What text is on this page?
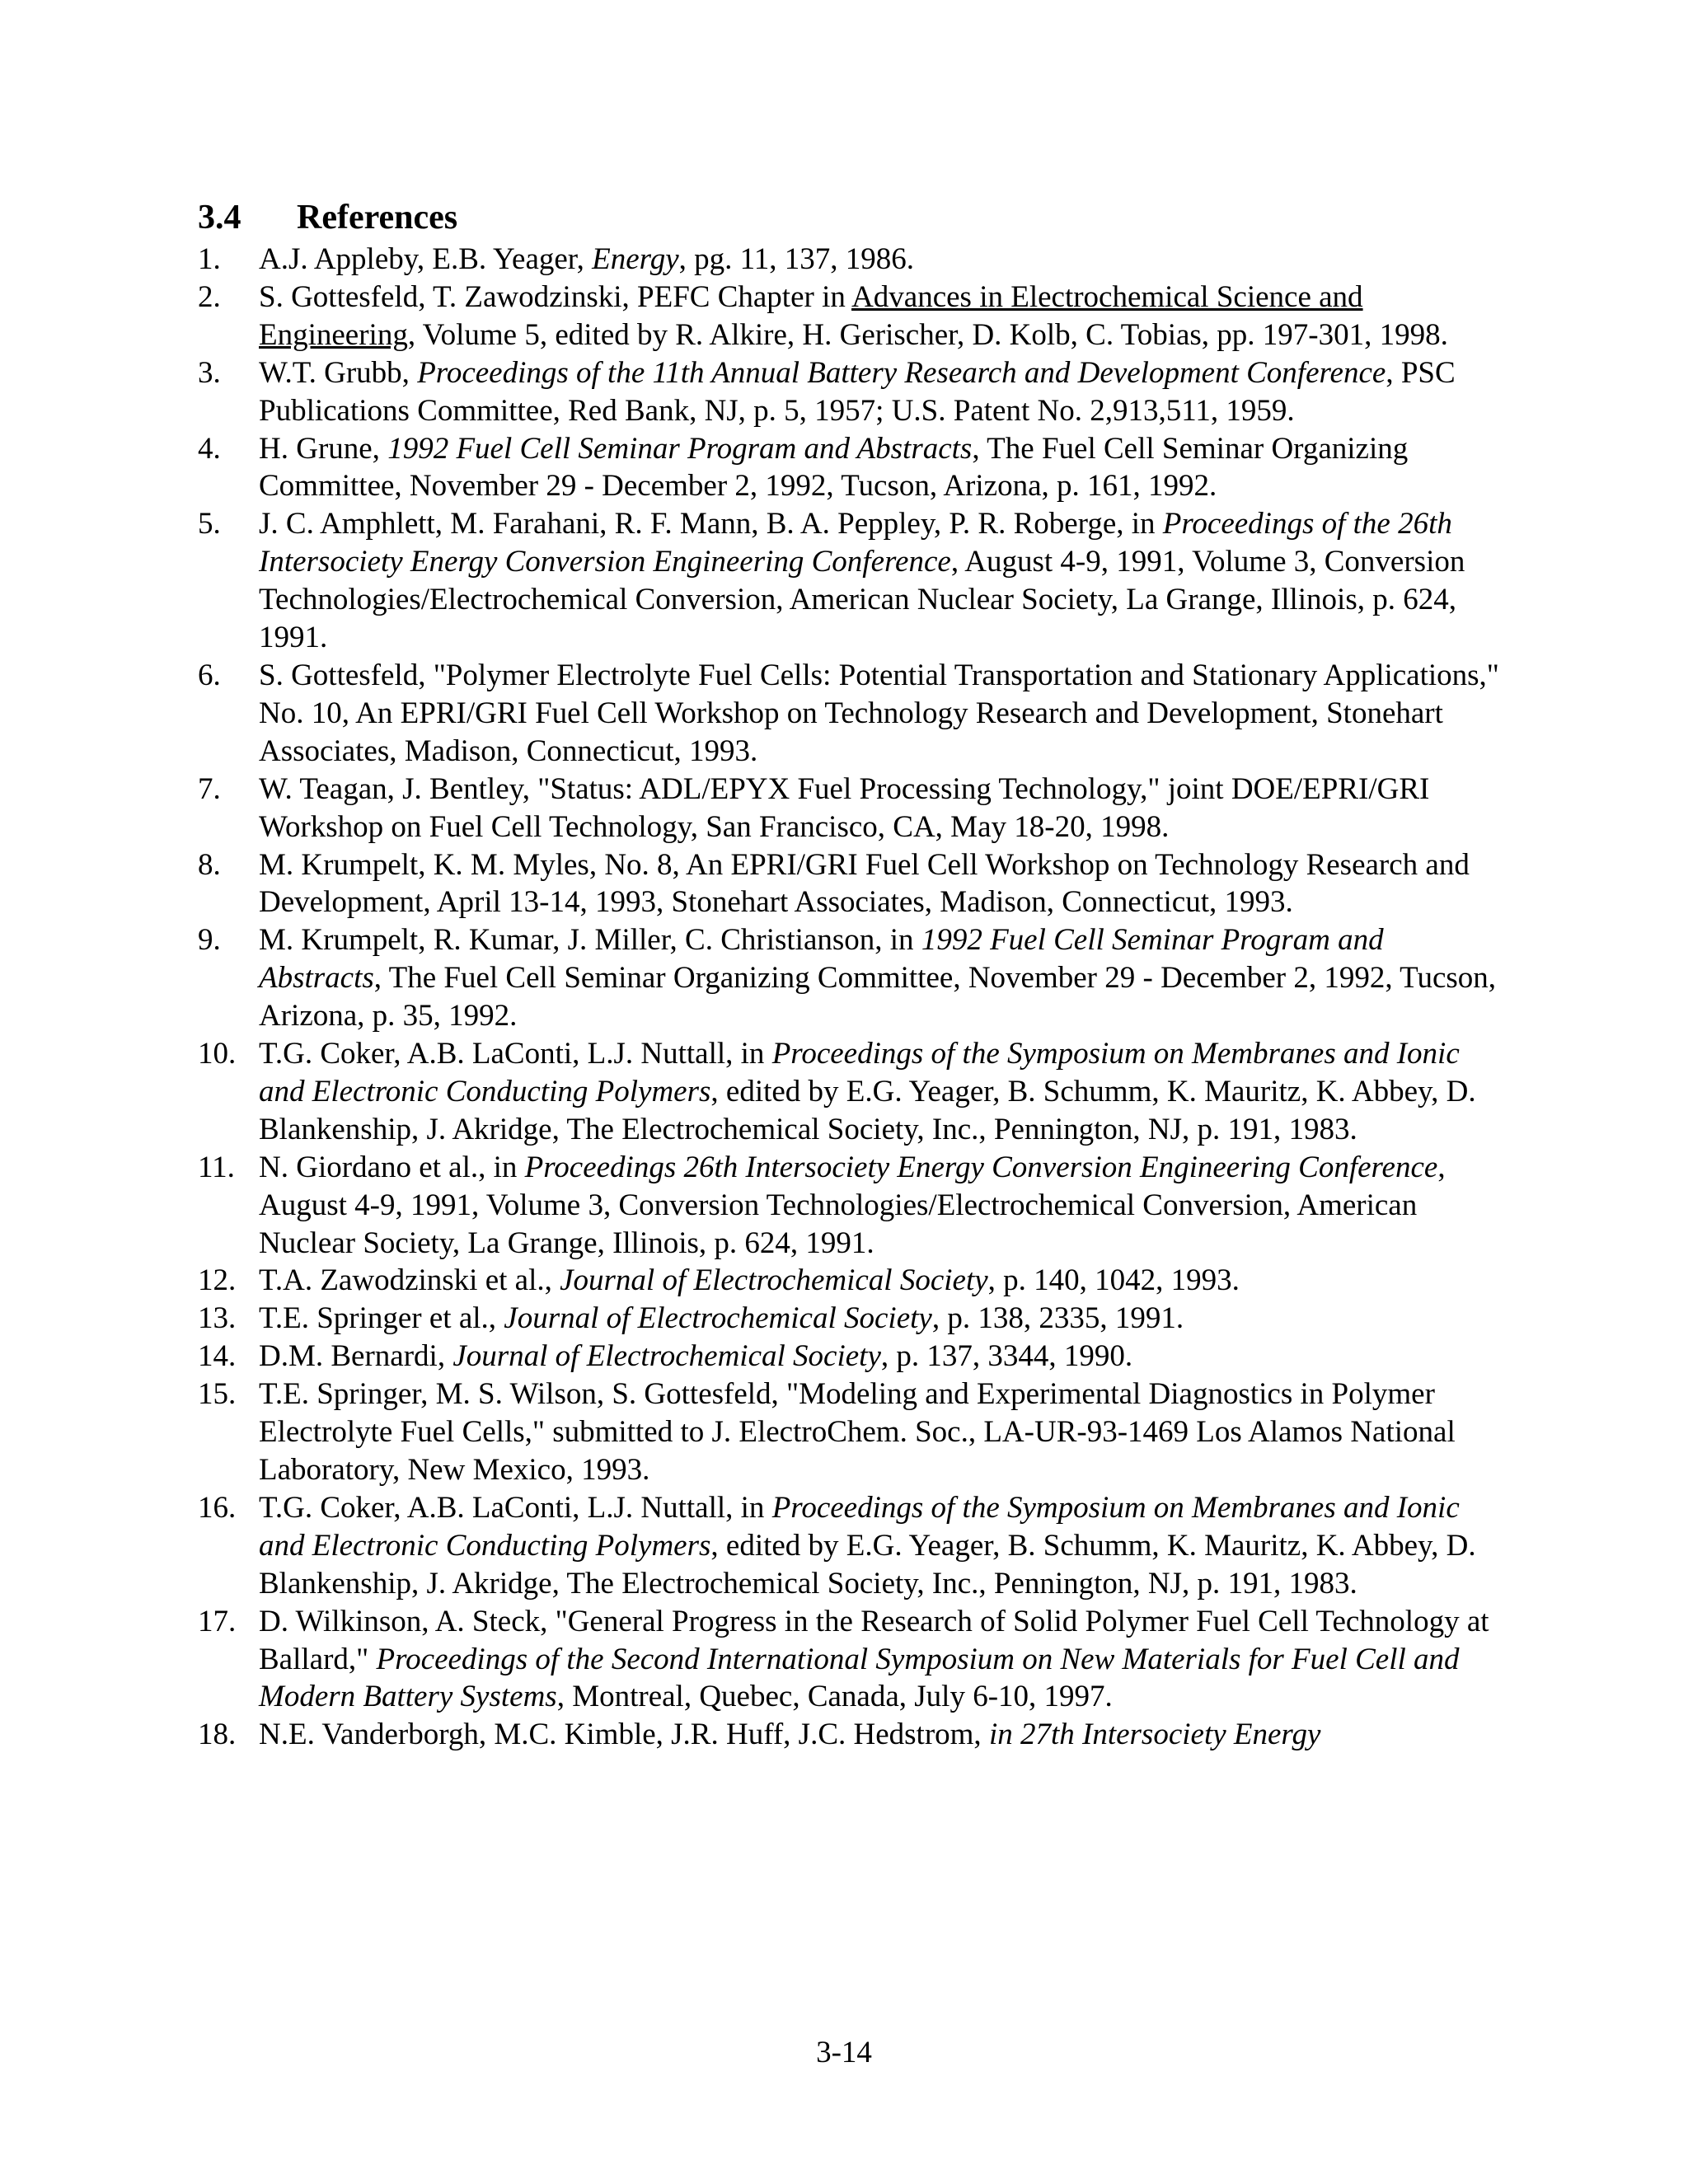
3.4 References
1. A.J. Appleby, E.B. Yeager, Energy, pg. 11, 137, 1986.
2. S. Gottesfeld, T. Zawodzinski, PEFC Chapter in Advances in Electrochemical Science and Engineering, Volume 5, edited by R. Alkire, H. Gerischer, D. Kolb, C. Tobias, pp. 197-301, 1998.
3. W.T. Grubb, Proceedings of the 11th Annual Battery Research and Development Conference, PSC Publications Committee, Red Bank, NJ, p. 5, 1957; U.S. Patent No. 2,913,511, 1959.
4. H. Grune, 1992 Fuel Cell Seminar Program and Abstracts, The Fuel Cell Seminar Organizing Committee, November 29 - December 2, 1992, Tucson, Arizona, p. 161, 1992.
5. J. C. Amphlett, M. Farahani, R. F. Mann, B. A. Peppley, P. R. Roberge, in Proceedings of the 26th Intersociety Energy Conversion Engineering Conference, August 4-9, 1991, Volume 3, Conversion Technologies/Electrochemical Conversion, American Nuclear Society, La Grange, Illinois, p. 624, 1991.
6. S. Gottesfeld, "Polymer Electrolyte Fuel Cells: Potential Transportation and Stationary Applications," No. 10, An EPRI/GRI Fuel Cell Workshop on Technology Research and Development, Stonehart Associates, Madison, Connecticut, 1993.
7. W. Teagan, J. Bentley, "Status: ADL/EPYX Fuel Processing Technology," joint DOE/EPRI/GRI Workshop on Fuel Cell Technology, San Francisco, CA, May 18-20, 1998.
8. M. Krumpelt, K. M. Myles, No. 8, An EPRI/GRI Fuel Cell Workshop on Technology Research and Development, April 13-14, 1993, Stonehart Associates, Madison, Connecticut, 1993.
9. M. Krumpelt, R. Kumar, J. Miller, C. Christianson, in 1992 Fuel Cell Seminar Program and Abstracts, The Fuel Cell Seminar Organizing Committee, November 29 - December 2, 1992, Tucson, Arizona, p. 35, 1992.
10. T.G. Coker, A.B. LaConti, L.J. Nuttall, in Proceedings of the Symposium on Membranes and Ionic and Electronic Conducting Polymers, edited by E.G. Yeager, B. Schumm, K. Mauritz, K. Abbey, D. Blankenship, J. Akridge, The Electrochemical Society, Inc., Pennington, NJ, p. 191, 1983.
11. N. Giordano et al., in Proceedings 26th Intersociety Energy Conversion Engineering Conference, August 4-9, 1991, Volume 3, Conversion Technologies/Electrochemical Conversion, American Nuclear Society, La Grange, Illinois, p. 624, 1991.
12. T.A. Zawodzinski et al., Journal of Electrochemical Society, p. 140, 1042, 1993.
13. T.E. Springer et al., Journal of Electrochemical Society, p. 138, 2335, 1991.
14. D.M. Bernardi, Journal of Electrochemical Society, p. 137, 3344, 1990.
15. T.E. Springer, M. S. Wilson, S. Gottesfeld, "Modeling and Experimental Diagnostics in Polymer Electrolyte Fuel Cells," submitted to J. ElectroChem. Soc., LA-UR-93-1469 Los Alamos National Laboratory, New Mexico, 1993.
16. T.G. Coker, A.B. LaConti, L.J. Nuttall, in Proceedings of the Symposium on Membranes and Ionic and Electronic Conducting Polymers, edited by E.G. Yeager, B. Schumm, K. Mauritz, K. Abbey, D. Blankenship, J. Akridge, The Electrochemical Society, Inc., Pennington, NJ, p. 191, 1983.
17. D. Wilkinson, A. Steck, "General Progress in the Research of Solid Polymer Fuel Cell Technology at Ballard," Proceedings of the Second International Symposium on New Materials for Fuel Cell and Modern Battery Systems, Montreal, Quebec, Canada, July 6-10, 1997.
18. N.E. Vanderborgh, M.C. Kimble, J.R. Huff, J.C. Hedstrom, in 27th Intersociety Energy
3-14
